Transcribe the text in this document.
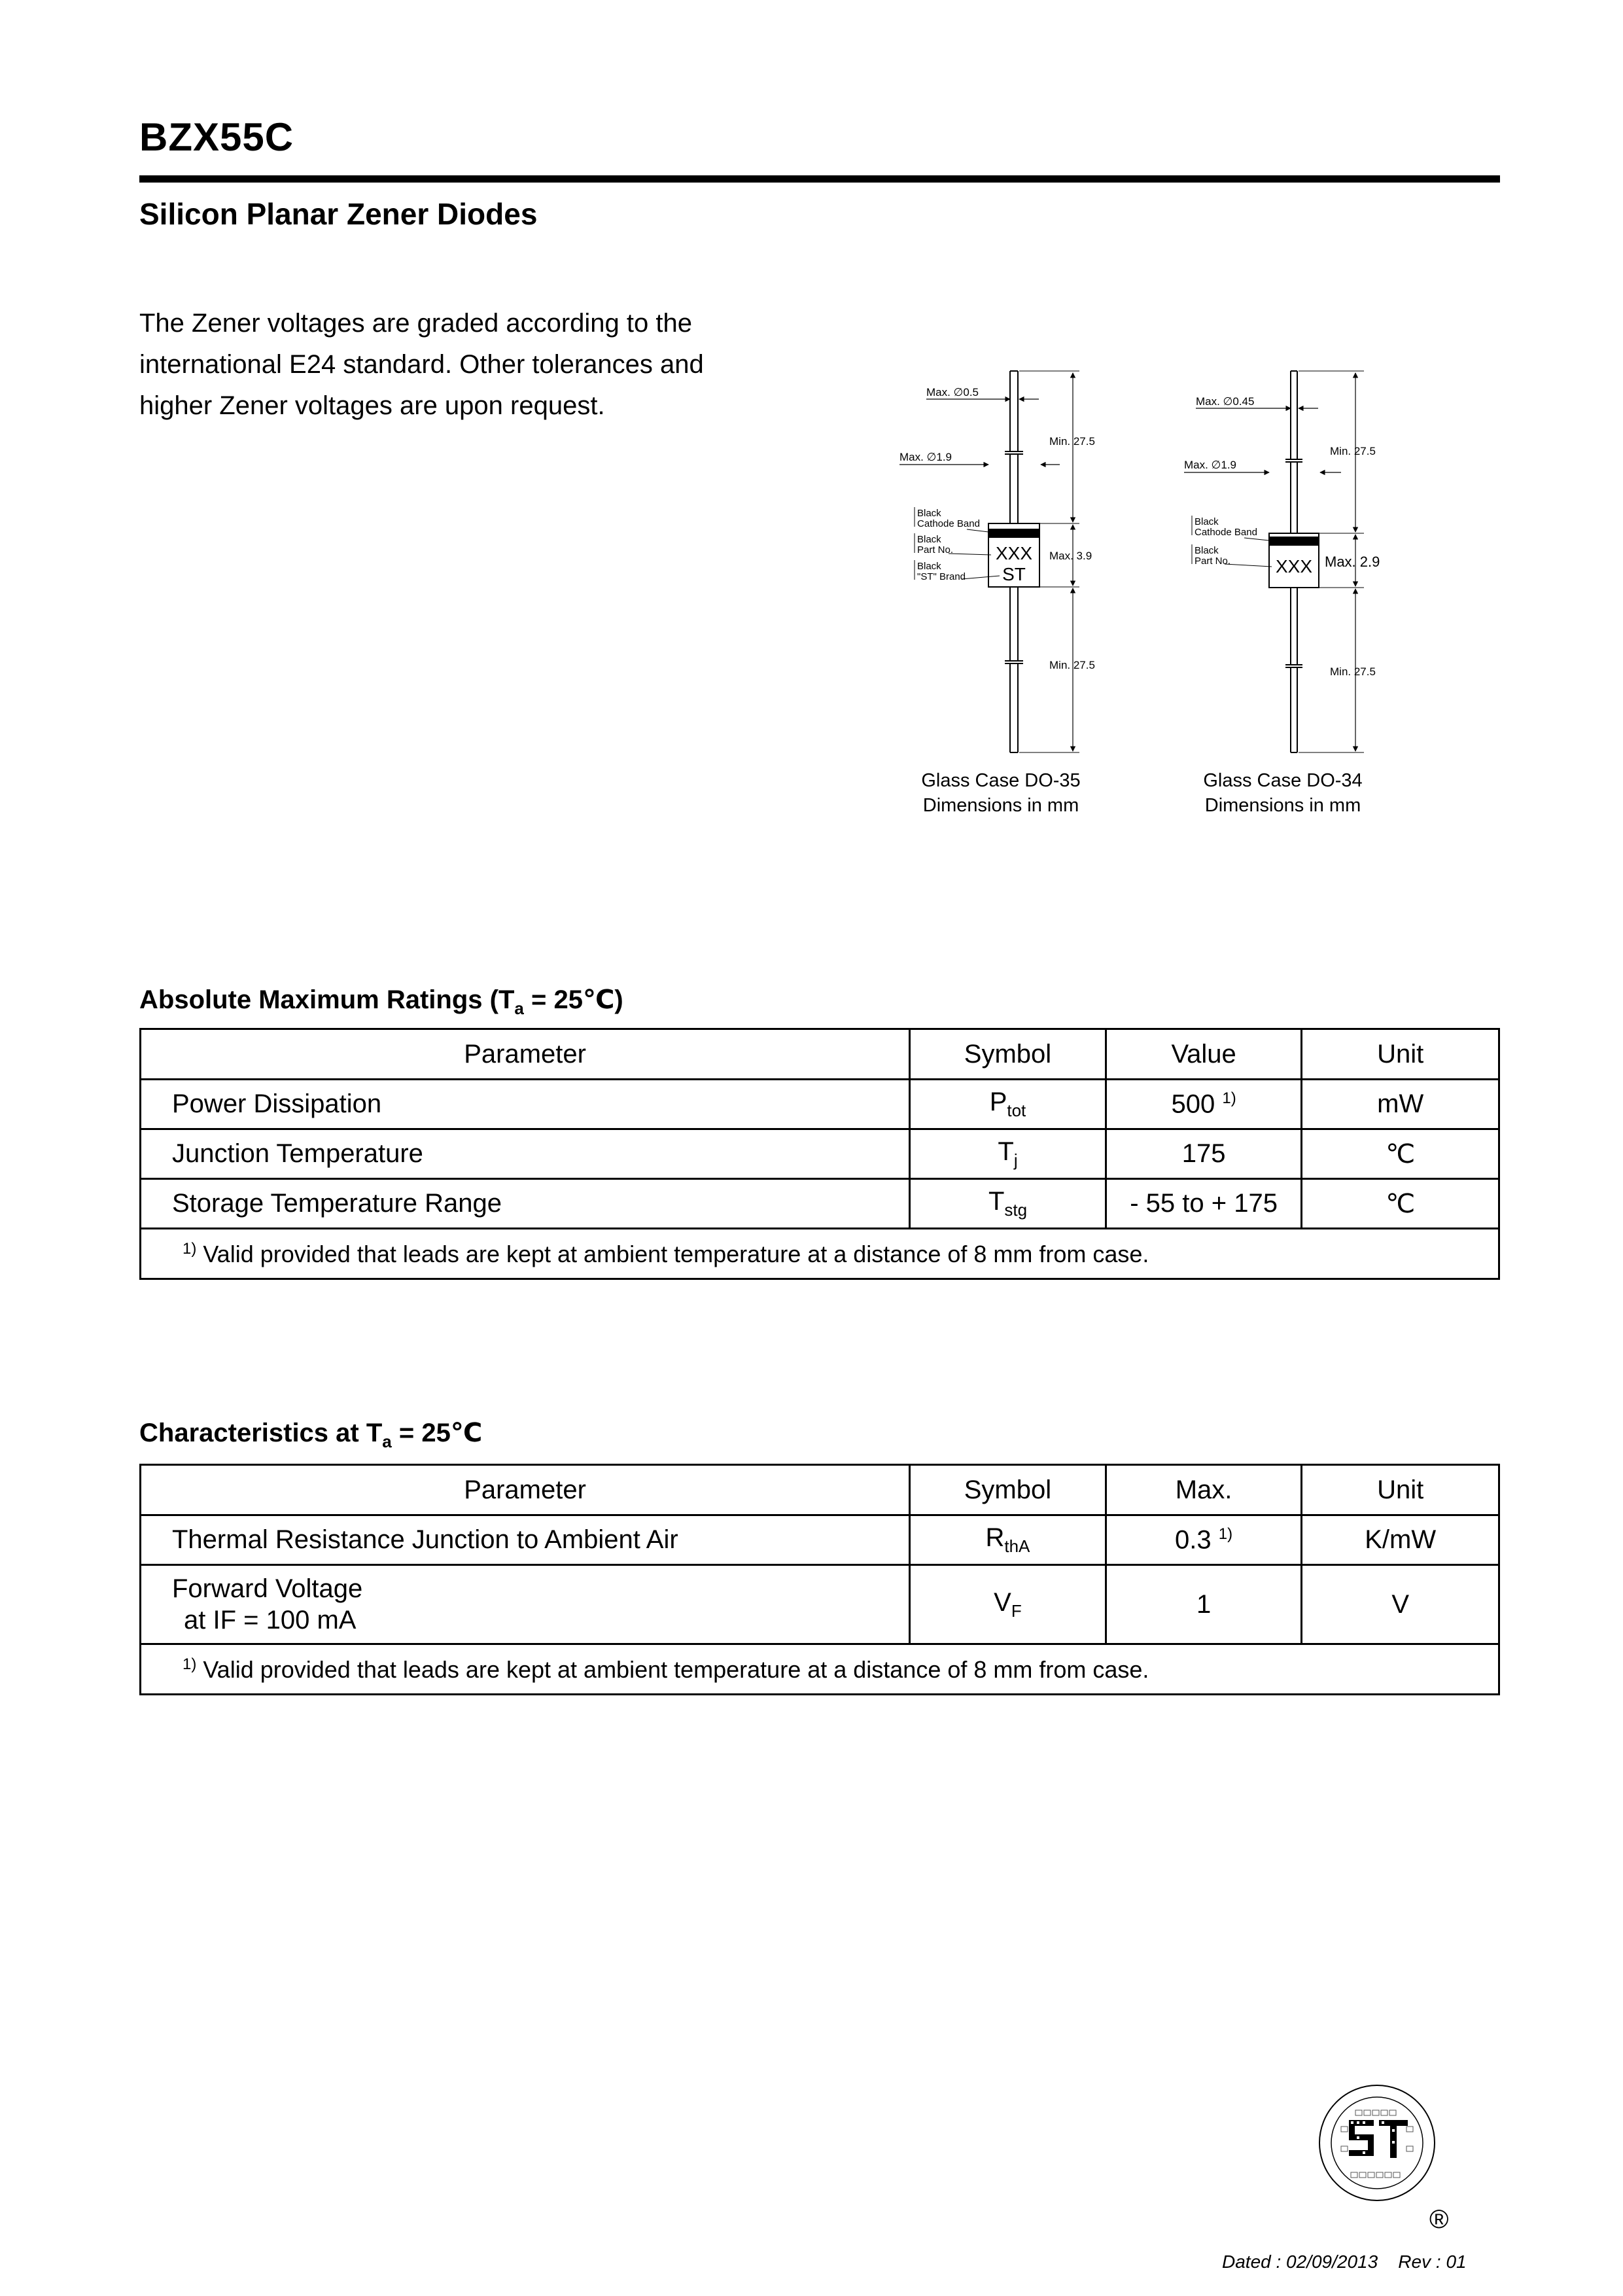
BZX55C
Silicon Planar Zener Diodes
The Zener voltages are graded according to the
international E24 standard. Other tolerances and
higher Zener voltages are upon request.
XXX
ST
Max. ∅0.5
Max. ∅1.9
Min. 27.5
Max. 3.9
Min. 27.5
Black
Cathode Band
Black
Part No.
Black
"ST" Brand
Glass Case DO-35
Dimensions in mm
XXX
Max. ∅0.45
Max. ∅1.9
Min. 27.5
Max. 2.9
Min. 27.5
Black
Cathode Band
Black
Part No.
Glass Case DO-34
Dimensions in mm
Absolute Maximum Ratings ($T_a$ = 25℃)
Parameter	Symbol	Value	Unit
Power Dissipation	$P_{tot}$	500 $^{1)}$	mW
Junction Temperature	$T_j$	175	℃
Storage Temperature Range	$T_{stg}$	- 55 to + 175	℃
$^{1)}$ Valid provided that leads are kept at ambient temperature at a distance of 8 mm from case.			
Characteristics at $T_a$ = 25℃
Parameter	Symbol	Max.	Unit
Thermal Resistance Junction to Ambient Air	$R_{thA}$	0.3 $^{1)}$	K/mW

Forward Voltage
at IF = 100 mA	$V_F$	1	V
$^{1)}$ Valid provided that leads are kept at ambient temperature at a distance of 8 mm from case.			
®
Dated : 02/09/2013    Rev : 01
